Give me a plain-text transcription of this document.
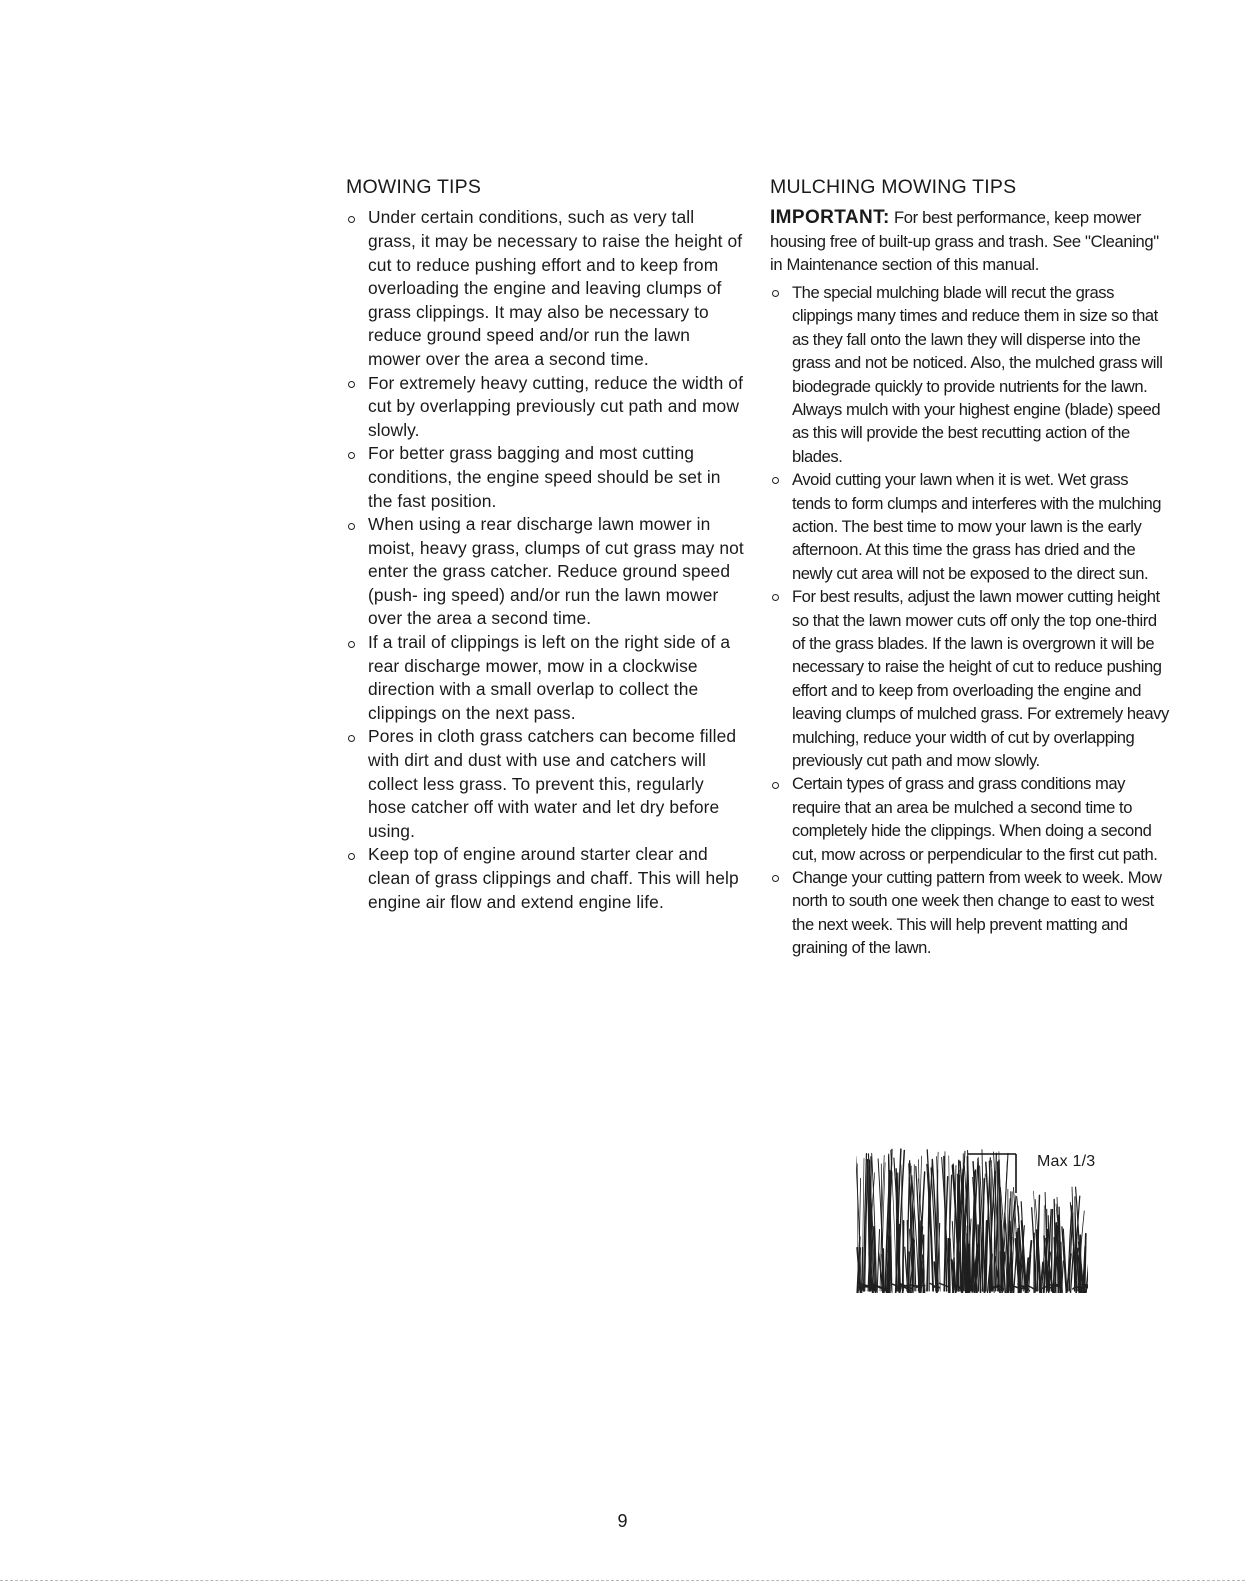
MOWING TIPS
Under certain conditions, such as very tall grass, it may be necessary to raise the height of cut to reduce pushing effort and to keep from overloading the engine and leaving clumps of grass clippings. It may also be necessary to reduce ground speed and/or run the lawn mower over the area a second time.
For extremely heavy cutting, reduce the width of cut by overlapping previously cut path and mow slowly.
For better grass bagging and most cutting conditions, the engine speed should be set in the fast position.
When using a rear discharge lawn mower in moist, heavy grass, clumps of cut grass may not enter the grass catcher. Reduce ground speed (push- ing speed) and/or run the lawn mower over the area a second time.
If a trail of clippings is left on the right side of a rear discharge mower, mow in a clockwise direction with a small overlap to collect the clippings on the next pass.
Pores in cloth grass catchers can become filled with dirt and dust with use and catchers will collect less grass. To prevent this, regularly hose catcher off with water and let dry before using.
Keep top of engine around starter clear and clean of grass clippings and chaff. This will help engine air flow and extend engine life.
MULCHING MOWING TIPS

IMPORTANT: For best performance, keep mower housing free of built-up grass and trash. See "Cleaning" in Maintenance section of this manual.

The special mulching blade will recut the grass clippings many times and reduce them in size so that as they fall onto the lawn they will disperse into the grass and not be noticed. Also, the mulched grass will biodegrade quickly to provide nutrients for the lawn. Always mulch with your highest engine (blade) speed as this will provide the best recutting action of the blades.
Avoid cutting your lawn when it is wet. Wet grass tends to form clumps and interferes with the mulching action. The best time to mow your lawn is the early afternoon. At this time the grass has dried and the newly cut area will not be exposed to the direct sun.
For best results, adjust the lawn mower cutting height so that the lawn mower cuts off only the top one-third of the grass blades. If the lawn is overgrown it will be necessary to raise the height of cut to reduce pushing effort and to keep from overloading the engine and leaving clumps of mulched grass. For extremely heavy mulching, reduce your width of cut by overlapping previously cut path and mow slowly.
Certain types of grass and grass conditions may require that an area be mulched a second time to completely hide the clippings. When doing a second cut, mow across or perpendicular to the first cut path.
Change your cutting pattern from week to week. Mow north to south one week then change to east to west the next week. This will help prevent matting and graining of the lawn.
Max 1/3
9
